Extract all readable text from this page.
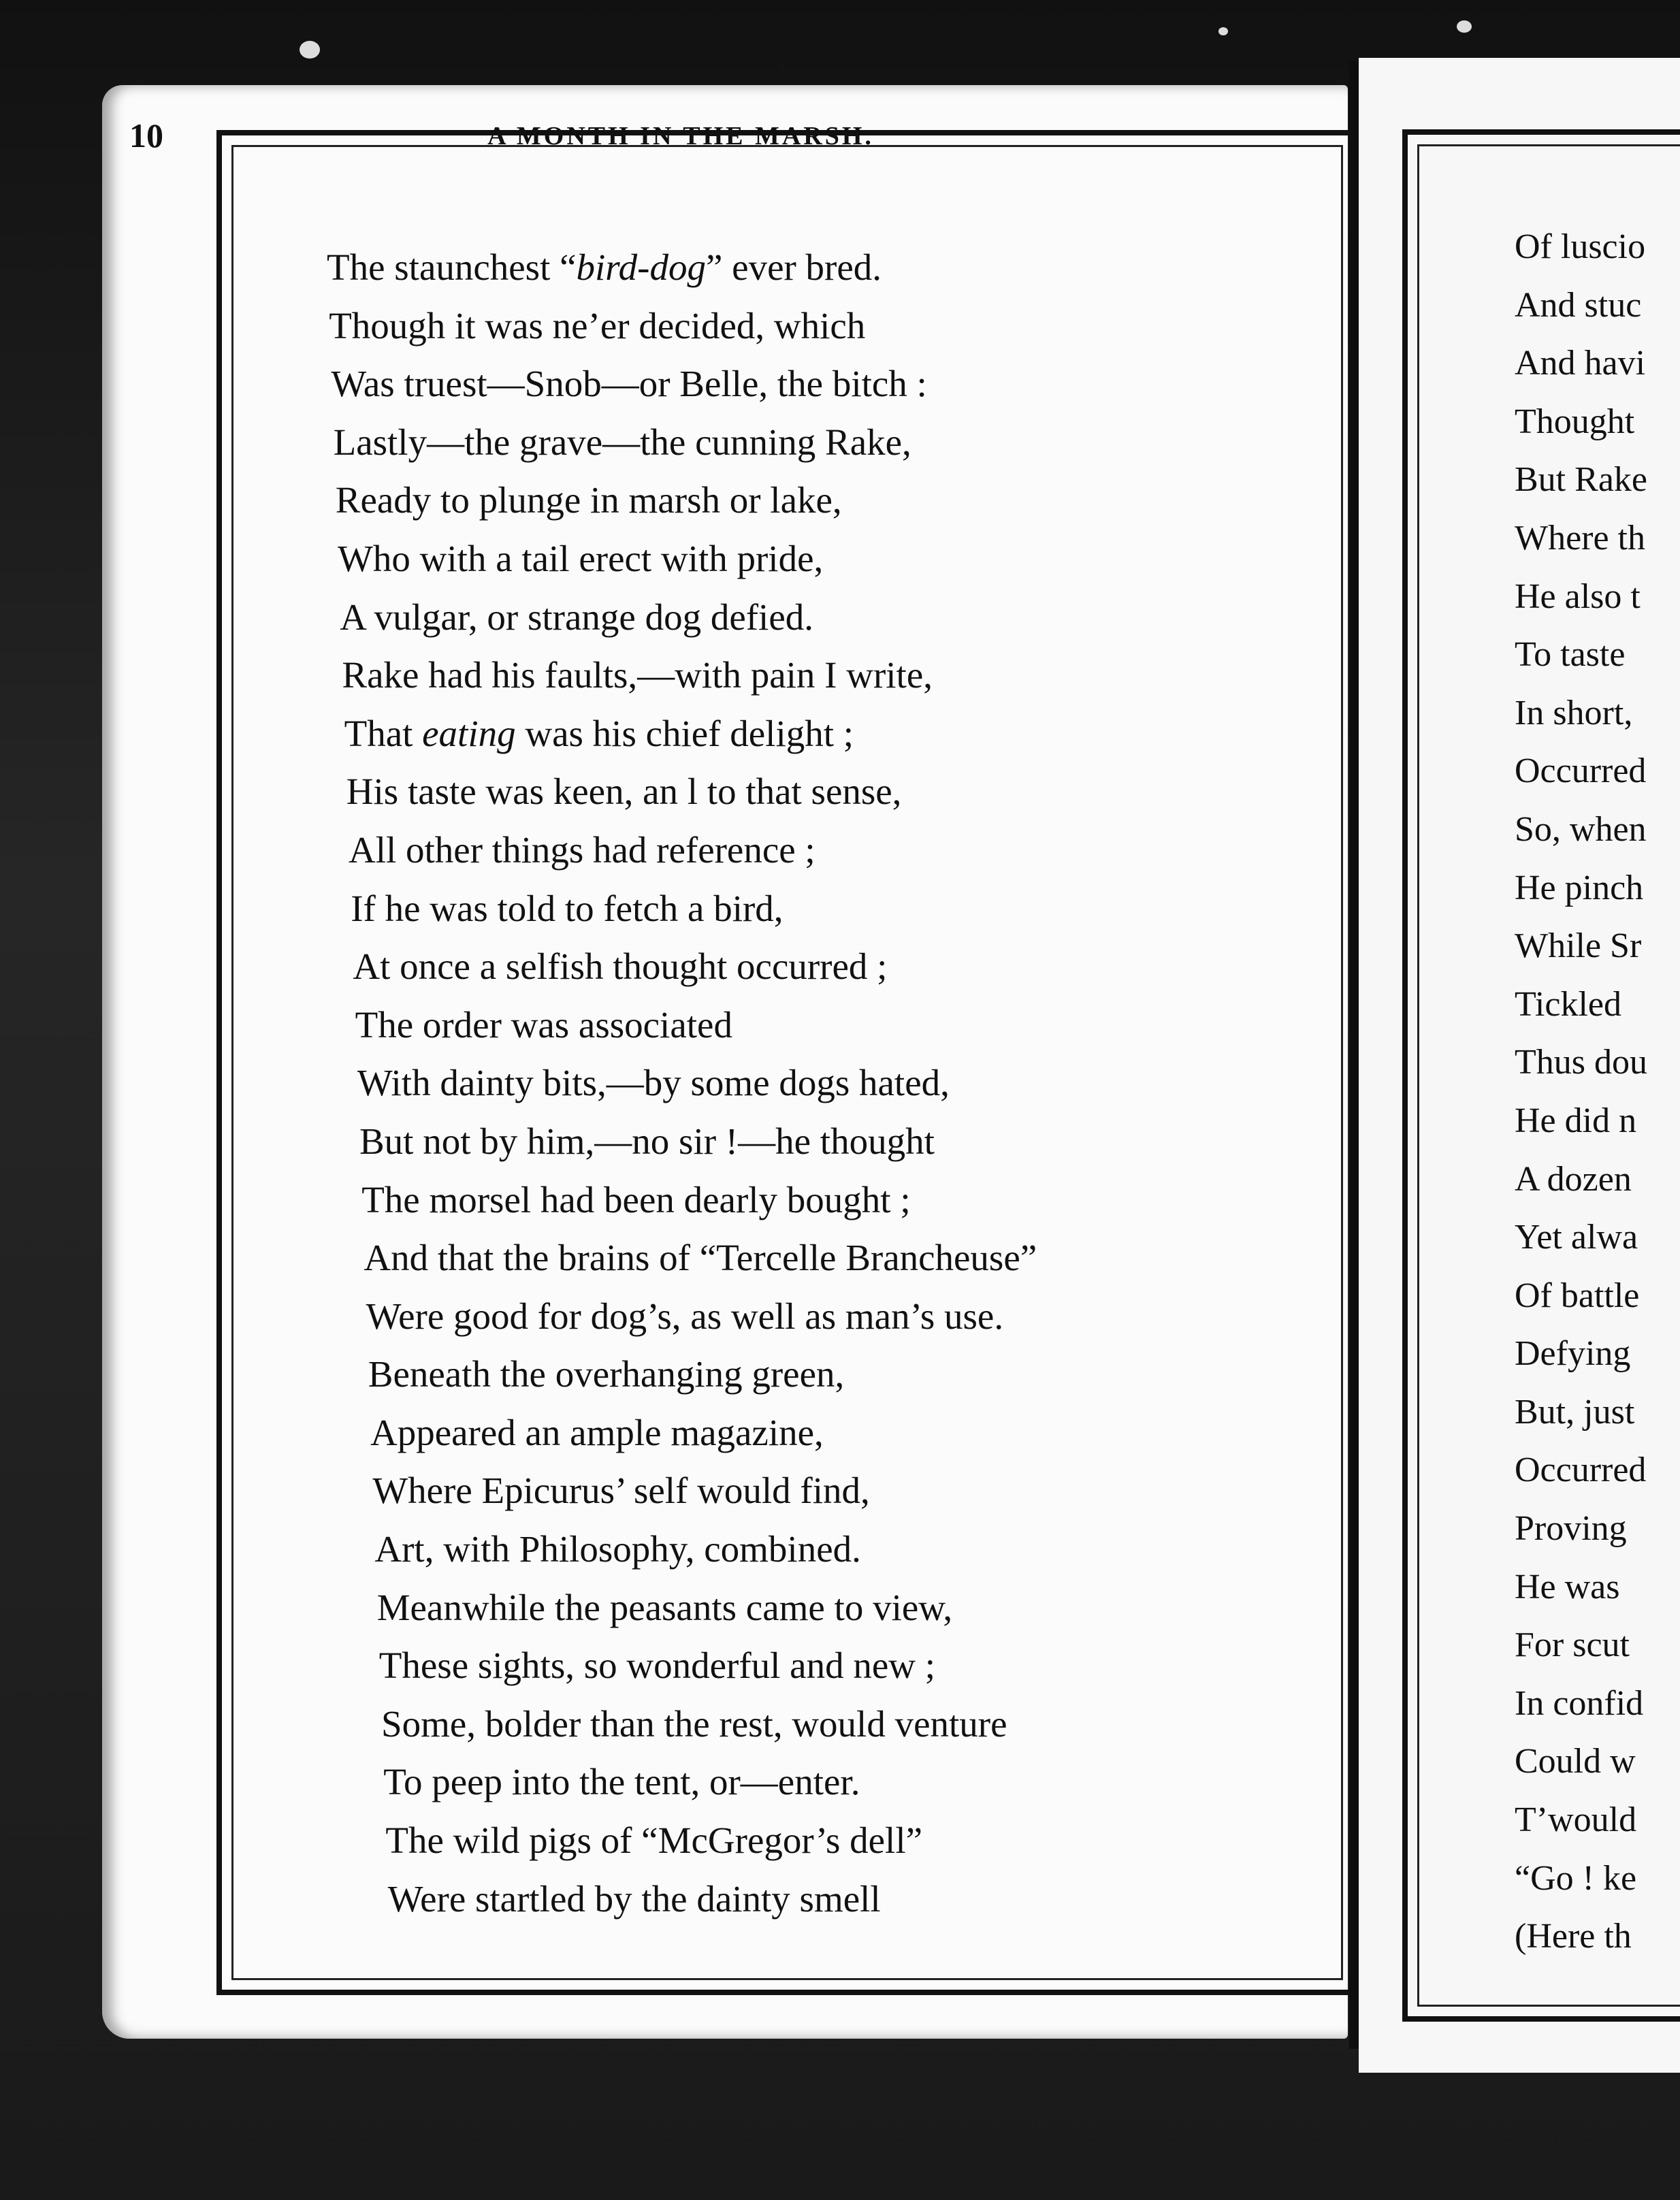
10	A MONTH IN THE MARSH.
The staunchest “bird-dog” ever bred.
Though it was ne’er decided, which
Was truest—Snob—or Belle, the bitch :
Lastly—the grave—the cunning Rake,
Ready to plunge in marsh or lake,
Who with a tail erect with pride,
A vulgar, or strange dog defied.
Rake had his faults,—with pain I write,
That eating was his chief delight ;
His taste was keen, an l to that sense,
All other things had reference ;
If he was told to fetch a bird,
At once a selfish thought occurred ;
The order was associated
With dainty bits,—by some dogs hated,
But not by him,—no sir !—he thought
The morsel had been dearly bought ;
And that the brains of “Tercelle Brancheuse”
Were good for dog’s, as well as man’s use.
Beneath the overhanging green,
Appeared an ample magazine,
Where Epicurus’ self would find,
Art, with Philosophy, combined.
Meanwhile the peasants came to view,
These sights, so wonderful and new ;
Some, bolder than the rest, would venture
To peep into the tent, or—enter.
The wild pigs of “McGregor’s dell”
Were startled by the dainty smell
Of luscio
And stuc
And havi
Thought
But Rake
Where th
He also t
To taste
In short,
Occurred
So, when
He pinch
While Sr
Tickled
Thus dou
He did n
A dozen
Yet alwa
Of battle
Defying
But, just
Occurred
Proving
He was
For scut
In confid
Could w
T’would
“Go ! ke
(Here th
